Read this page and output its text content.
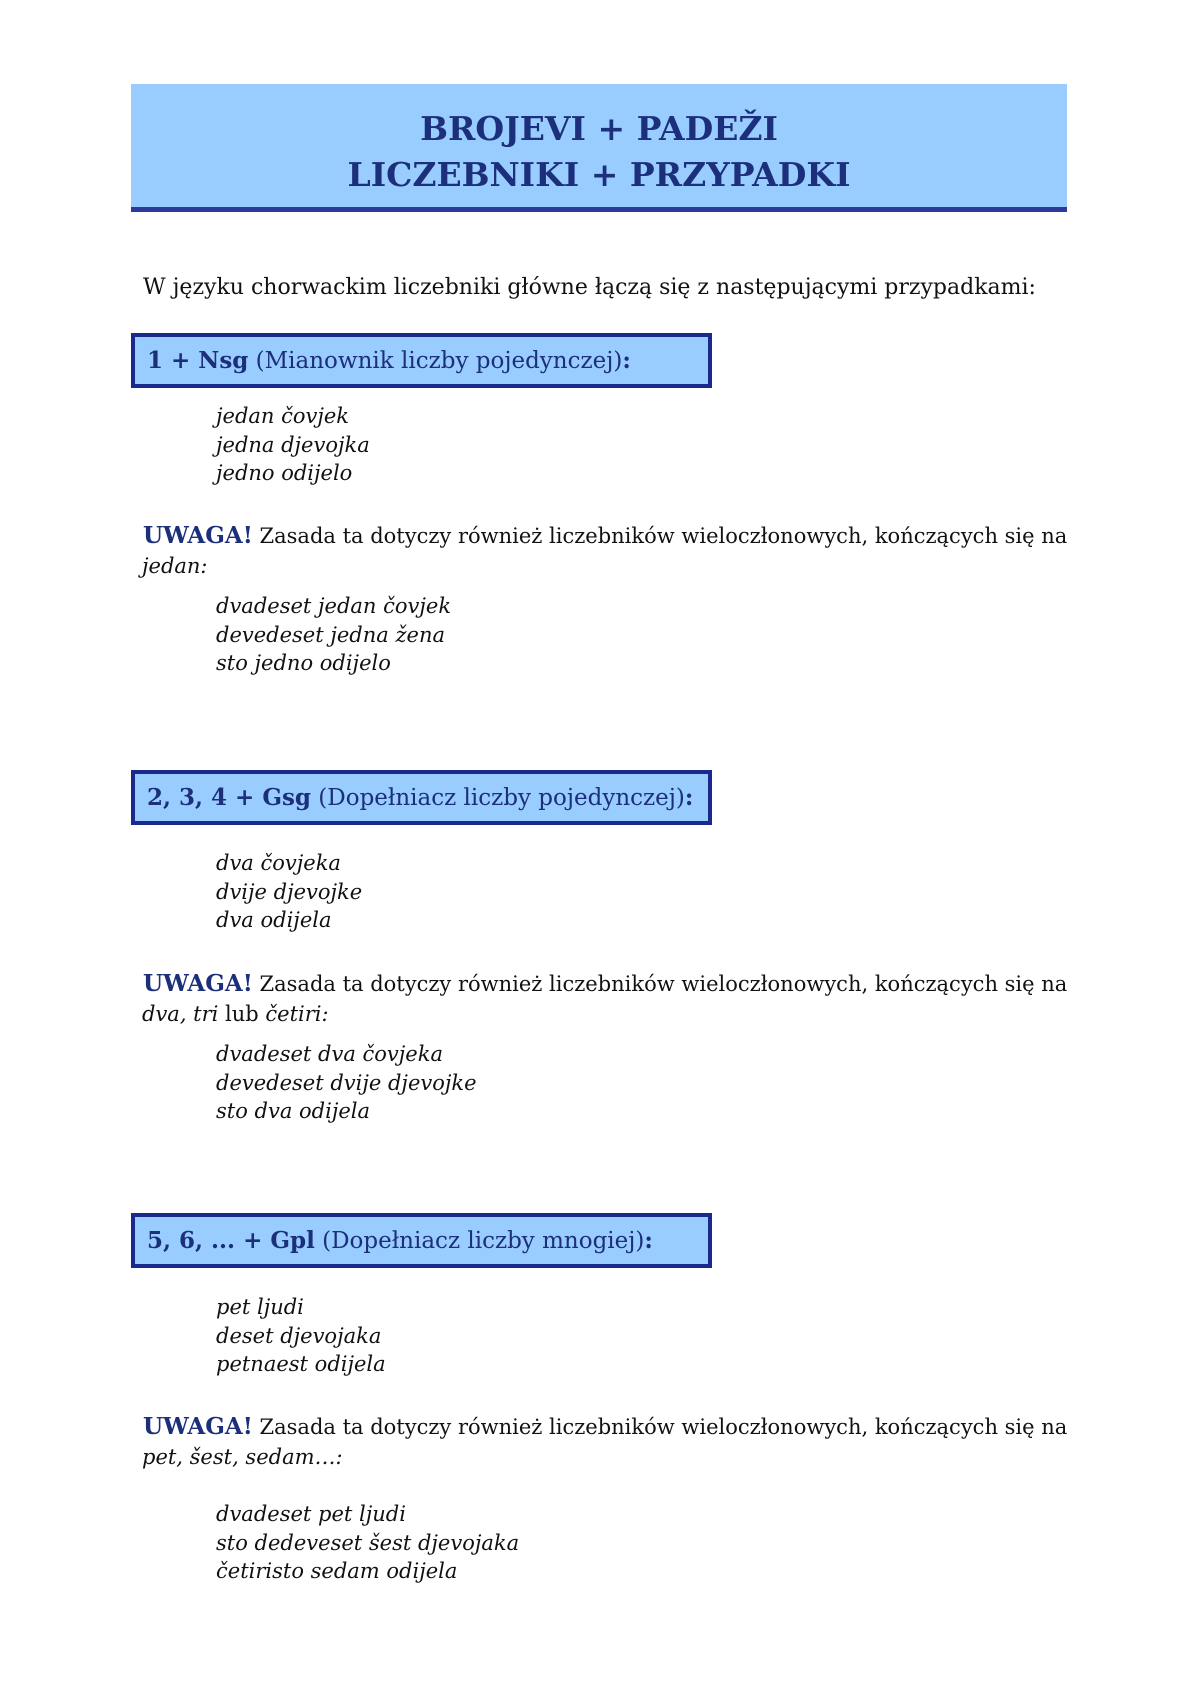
BROJEVI + PADEŽI
LICZEBNIKI + PRZYPADKI
W języku chorwackim liczebniki główne łączą się z następującymi przypadkami:
1 + Nsg (Mianownik liczby pojedynczej):
jedan čovjek
jedna djevojka
jedno odijelo
UWAGA! Zasada ta dotyczy również liczebników wieloczłonowych, kończących się na
jedan:
dvadeset jedan čovjek
devedeset jedna žena
sto jedno odijelo
2, 3, 4 + Gsg (Dopełniacz liczby pojedynczej):
dva čovjeka
dvije djevojke
dva odijela
UWAGA! Zasada ta dotyczy również liczebników wieloczłonowych, kończących się na
dva, tri lub četiri:
dvadeset dva čovjeka
devedeset dvije djevojke
sto dva odijela
5, 6, ... + Gpl (Dopełniacz liczby mnogiej):
pet ljudi
deset djevojaka
petnaest odijela
UWAGA! Zasada ta dotyczy również liczebników wieloczłonowych, kończących się na
pet, šest, sedam…:
dvadeset pet ljudi
sto dedeveset šest djevojaka
četiristo sedam odijela
